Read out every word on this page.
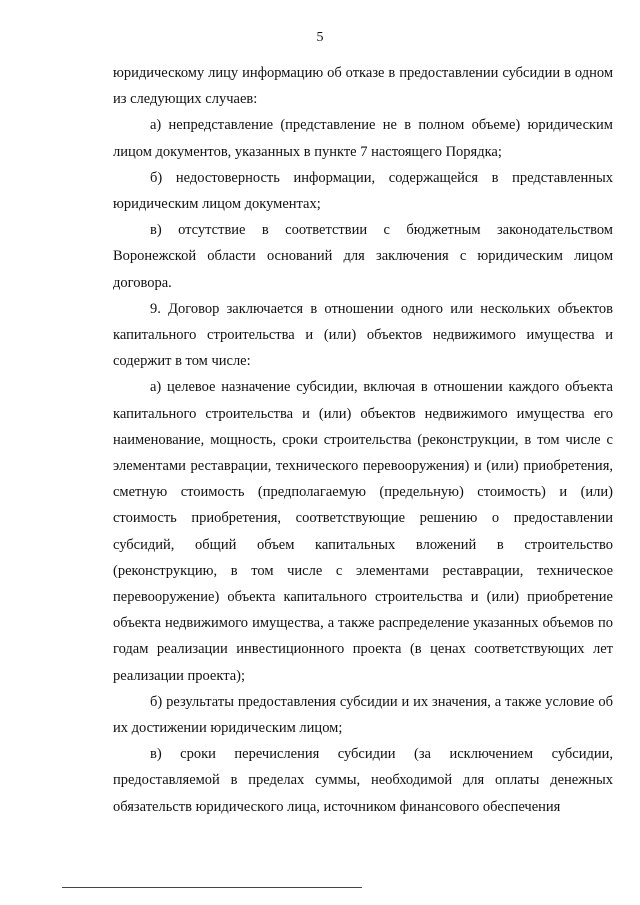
5

юридическому лицу информацию об отказе в предоставлении субсидии в одном из следующих случаев:

а) непредставление (представление не в полном объеме) юридическим лицом документов, указанных в пункте 7 настоящего Порядка;

б) недостоверность информации, содержащейся в представленных юридическим лицом документах;

в) отсутствие в соответствии с бюджетным законодательством Воронежской области оснований для заключения с юридическим лицом договора.

9. Договор заключается в отношении одного или нескольких объектов капитального строительства и (или) объектов недвижимого имущества и содержит в том числе:

а) целевое назначение субсидии, включая в отношении каждого объекта капитального строительства и (или) объектов недвижимого имущества его наименование, мощность, сроки строительства (реконструкции, в том числе с элементами реставрации, технического перевооружения) и (или) приобретения, сметную стоимость (предполагаемую (предельную) стоимость) и (или) стоимость приобретения, соответствующие решению о предоставлении субсидий, общий объем капитальных вложений в строительство (реконструкцию, в том числе с элементами реставрации, техническое перевооружение) объекта капитального строительства и (или) приобретение объекта недвижимого имущества, а также распределение указанных объемов по годам реализации инвестиционного проекта (в ценах соответствующих лет реализации проекта);

б) результаты предоставления субсидии и их значения, а также условие об их достижении юридическим лицом;

в) сроки перечисления субсидии (за исключением субсидии, предоставляемой в пределах суммы, необходимой для оплаты денежных обязательств юридического лица, источником финансового обеспечения
